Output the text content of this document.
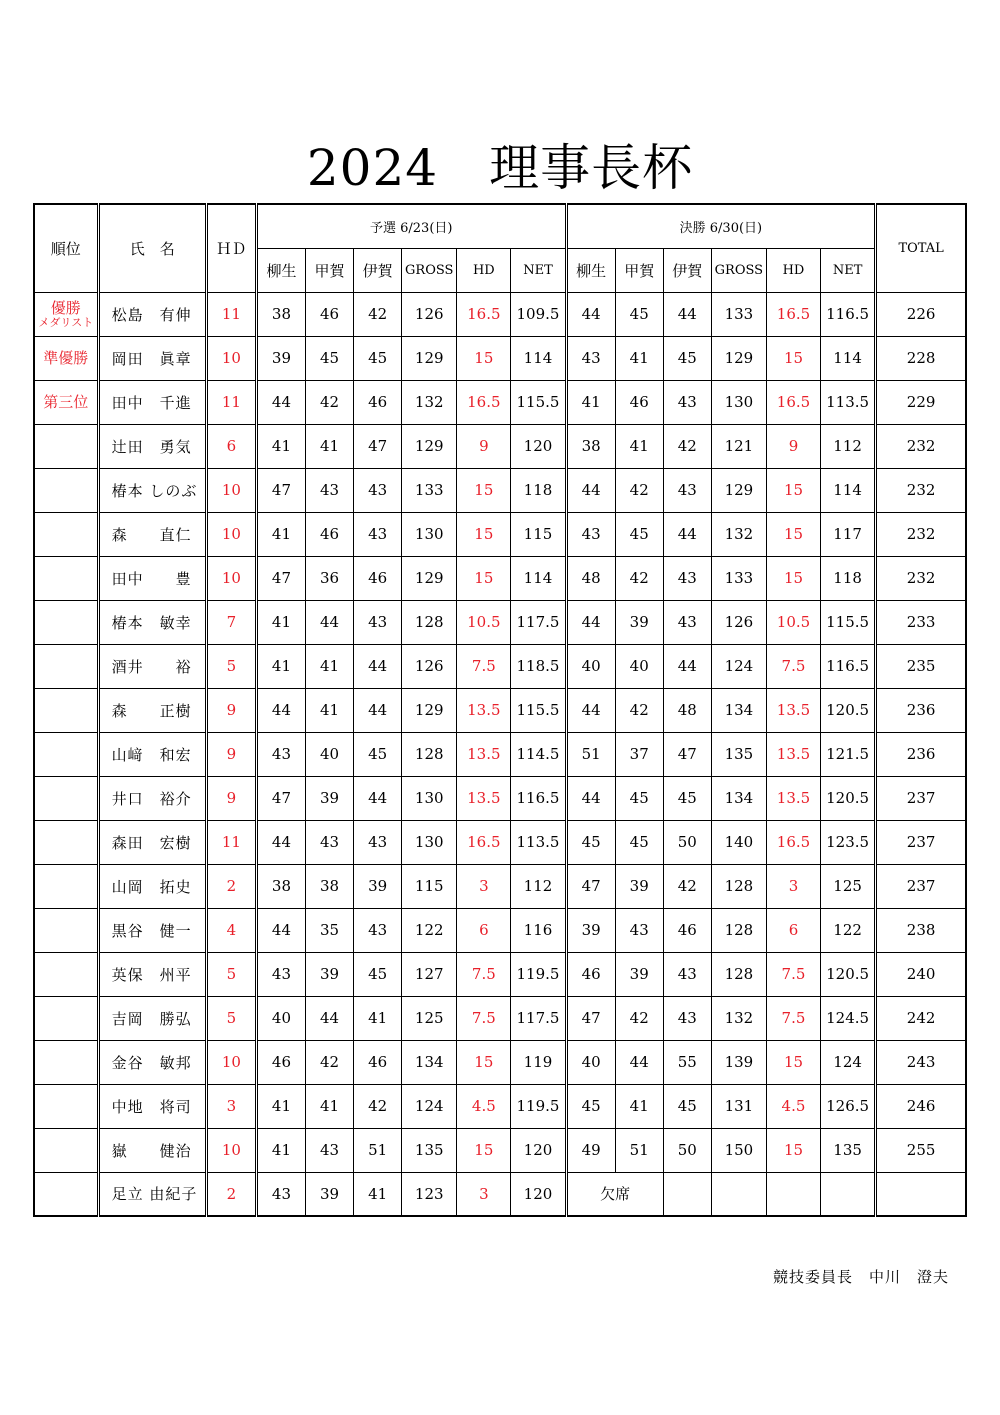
2024　理事長杯
順位	氏　名	ＨＤ	予選 6/23(日)						決勝 6/30(日)						TOTAL
			柳生	甲賀	伊賀	GROSS	HD	NET	柳生	甲賀	伊賀	GROSS	HD	NET	

優勝
メダリスト	松島　有伸	11	38	46	42	126	16.5	109.5	44	45	44	133	16.5	116.5	226

準優勝	岡田　眞章	10	39	45	45	129	15	114	43	41	45	129	15	114	228

第三位	田中　千進	11	44	42	46	132	16.5	115.5	41	46	43	130	16.5	113.5	229

	辻田　勇気	6	41	41	47	129	9	120	38	41	42	121	9	112	232

	椿本 しのぶ	10	47	43	43	133	15	118	44	42	43	129	15	114	232

	森　　直仁	10	41	46	43	130	15	115	43	45	44	132	15	117	232

	田中　　豊	10	47	36	46	129	15	114	48	42	43	133	15	118	232

	椿本　敏幸	7	41	44	43	128	10.5	117.5	44	39	43	126	10.5	115.5	233

	酒井　　裕	5	41	41	44	126	7.5	118.5	40	40	44	124	7.5	116.5	235

	森　　正樹	9	44	41	44	129	13.5	115.5	44	42	48	134	13.5	120.5	236

	山﨑　和宏	9	43	40	45	128	13.5	114.5	51	37	47	135	13.5	121.5	236

	井口　裕介	9	47	39	44	130	13.5	116.5	44	45	45	134	13.5	120.5	237

	森田　宏樹	11	44	43	43	130	16.5	113.5	45	45	50	140	16.5	123.5	237

	山岡　拓史	2	38	38	39	115	3	112	47	39	42	128	3	125	237

	黒谷　健一	4	44	35	43	122	6	116	39	43	46	128	6	122	238

	英保　州平	5	43	39	45	127	7.5	119.5	46	39	43	128	7.5	120.5	240

	吉岡　勝弘	5	40	44	41	125	7.5	117.5	47	42	43	132	7.5	124.5	242

	金谷　敏邦	10	46	42	46	134	15	119	40	44	55	139	15	124	243

	中地　将司	3	41	41	42	124	4.5	119.5	45	41	45	131	4.5	126.5	246

	嶽　　健治	10	41	43	51	135	15	120	49	51	50	150	15	135	255

	足立 由紀子	2	43	39	41	123	3	120	欠席						
競技委員長　中川　澄夫
